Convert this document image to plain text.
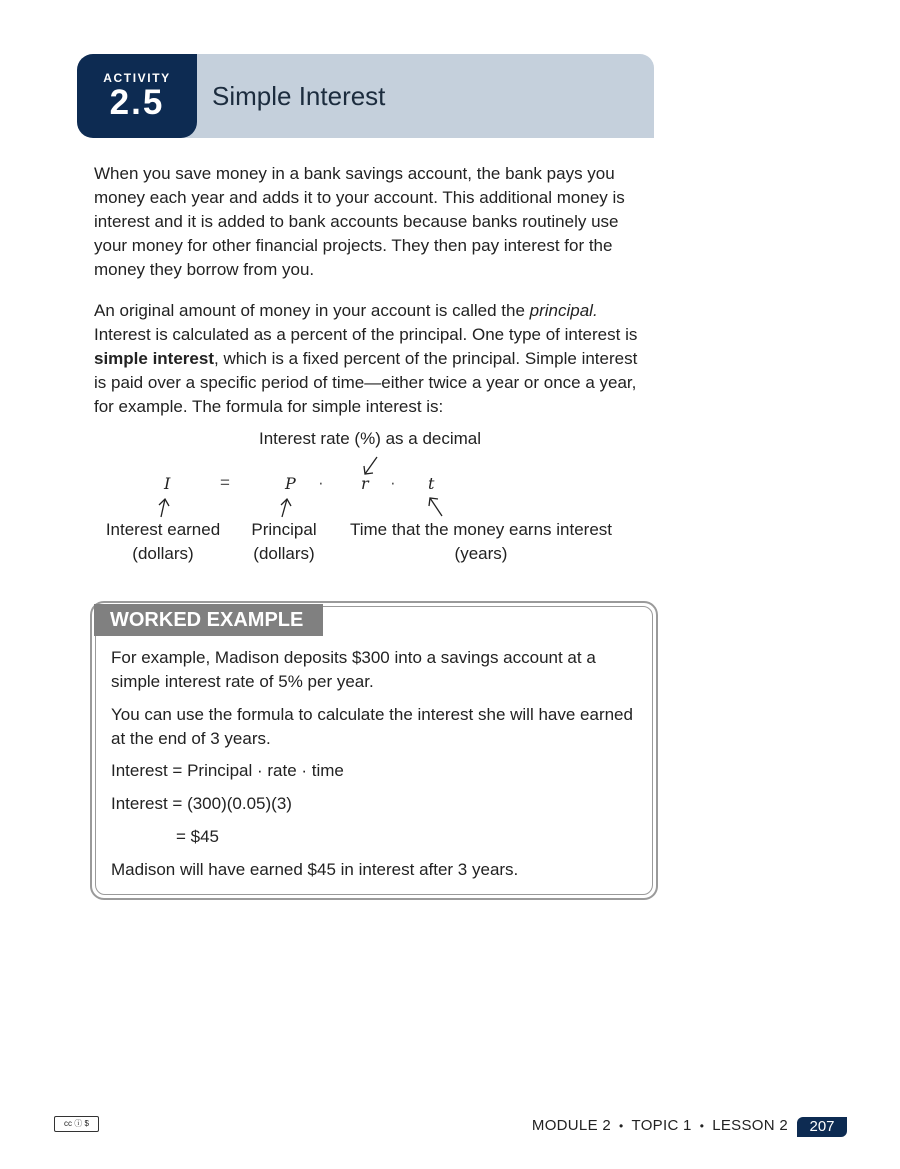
ACTIVITY
2.5	Simple Interest

When you save money in a bank savings account, the bank pays you money each year and adds it to your account. This additional money is interest and it is added to bank accounts because banks routinely use your money for other financial projects. They then pay interest for the money they borrow from you.

An original amount of money in your account is called the principal. Interest is calculated as a percent of the principal. One type of interest is simple interest, which is a fixed percent of the principal. Simple interest is paid over a specific period of time—either twice a year or once a year, for example. The formula for simple interest is:

Interest rate (%) as a decimal
I	=	P · r · t
Interest earned
(dollars)
Principal
(dollars)
Time that the money earns interest
(years)
WORKED EXAMPLE

For example, Madison deposits $300 into a savings account at a simple interest rate of 5% per year.

You can use the formula to calculate the interest she will have earned at the end of 3 years.

Interest = Principal · rate · time

Interest = (300)(0.05)(3)

= $45

Madison will have earned $45 in interest after 3 years.

cc ⓘ $	MODULE 2 • TOPIC 1 • LESSON 2	207
